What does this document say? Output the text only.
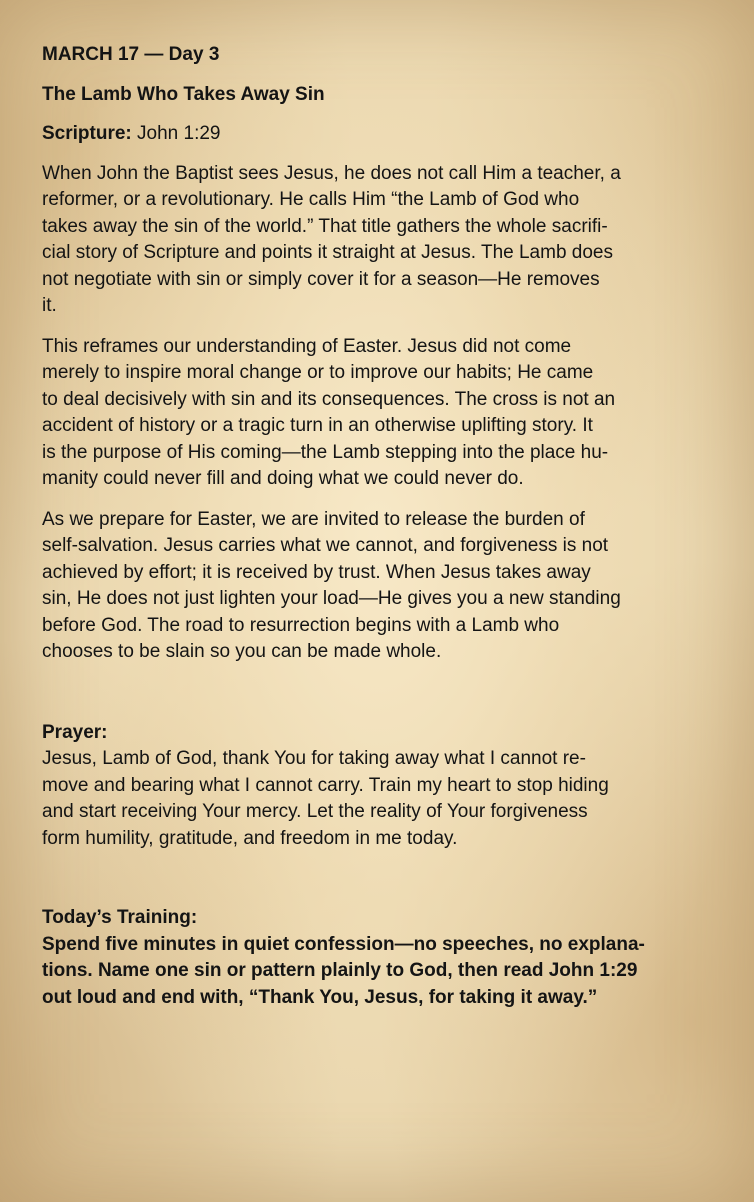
MARCH 17 — Day 3

The Lamb Who Takes Away Sin

Scripture: John 1:29

When John the Baptist sees Jesus, he does not call Him a teacher, a
reformer, or a revolutionary. He calls Him “the Lamb of God who
takes away the sin of the world.” That title gathers the whole sacrifi-
cial story of Scripture and points it straight at Jesus. The Lamb does
not negotiate with sin or simply cover it for a season—He removes
it.

This reframes our understanding of Easter. Jesus did not come
merely to inspire moral change or to improve our habits; He came
to deal decisively with sin and its consequences. The cross is not an
accident of history or a tragic turn in an otherwise uplifting story. It
is the purpose of His coming—the Lamb stepping into the place hu-
manity could never fill and doing what we could never do.

As we prepare for Easter, we are invited to release the burden of
self-salvation. Jesus carries what we cannot, and forgiveness is not
achieved by effort; it is received by trust. When Jesus takes away
sin, He does not just lighten your load—He gives you a new standing
before God. The road to resurrection begins with a Lamb who
chooses to be slain so you can be made whole.

Prayer:
Jesus, Lamb of God, thank You for taking away what I cannot re-
move and bearing what I cannot carry. Train my heart to stop hiding
and start receiving Your mercy. Let the reality of Your forgiveness
form humility, gratitude, and freedom in me today.

Today’s Training:
Spend five minutes in quiet confession—no speeches, no explana-
tions. Name one sin or pattern plainly to God, then read John 1:29
out loud and end with, “Thank You, Jesus, for taking it away.”
